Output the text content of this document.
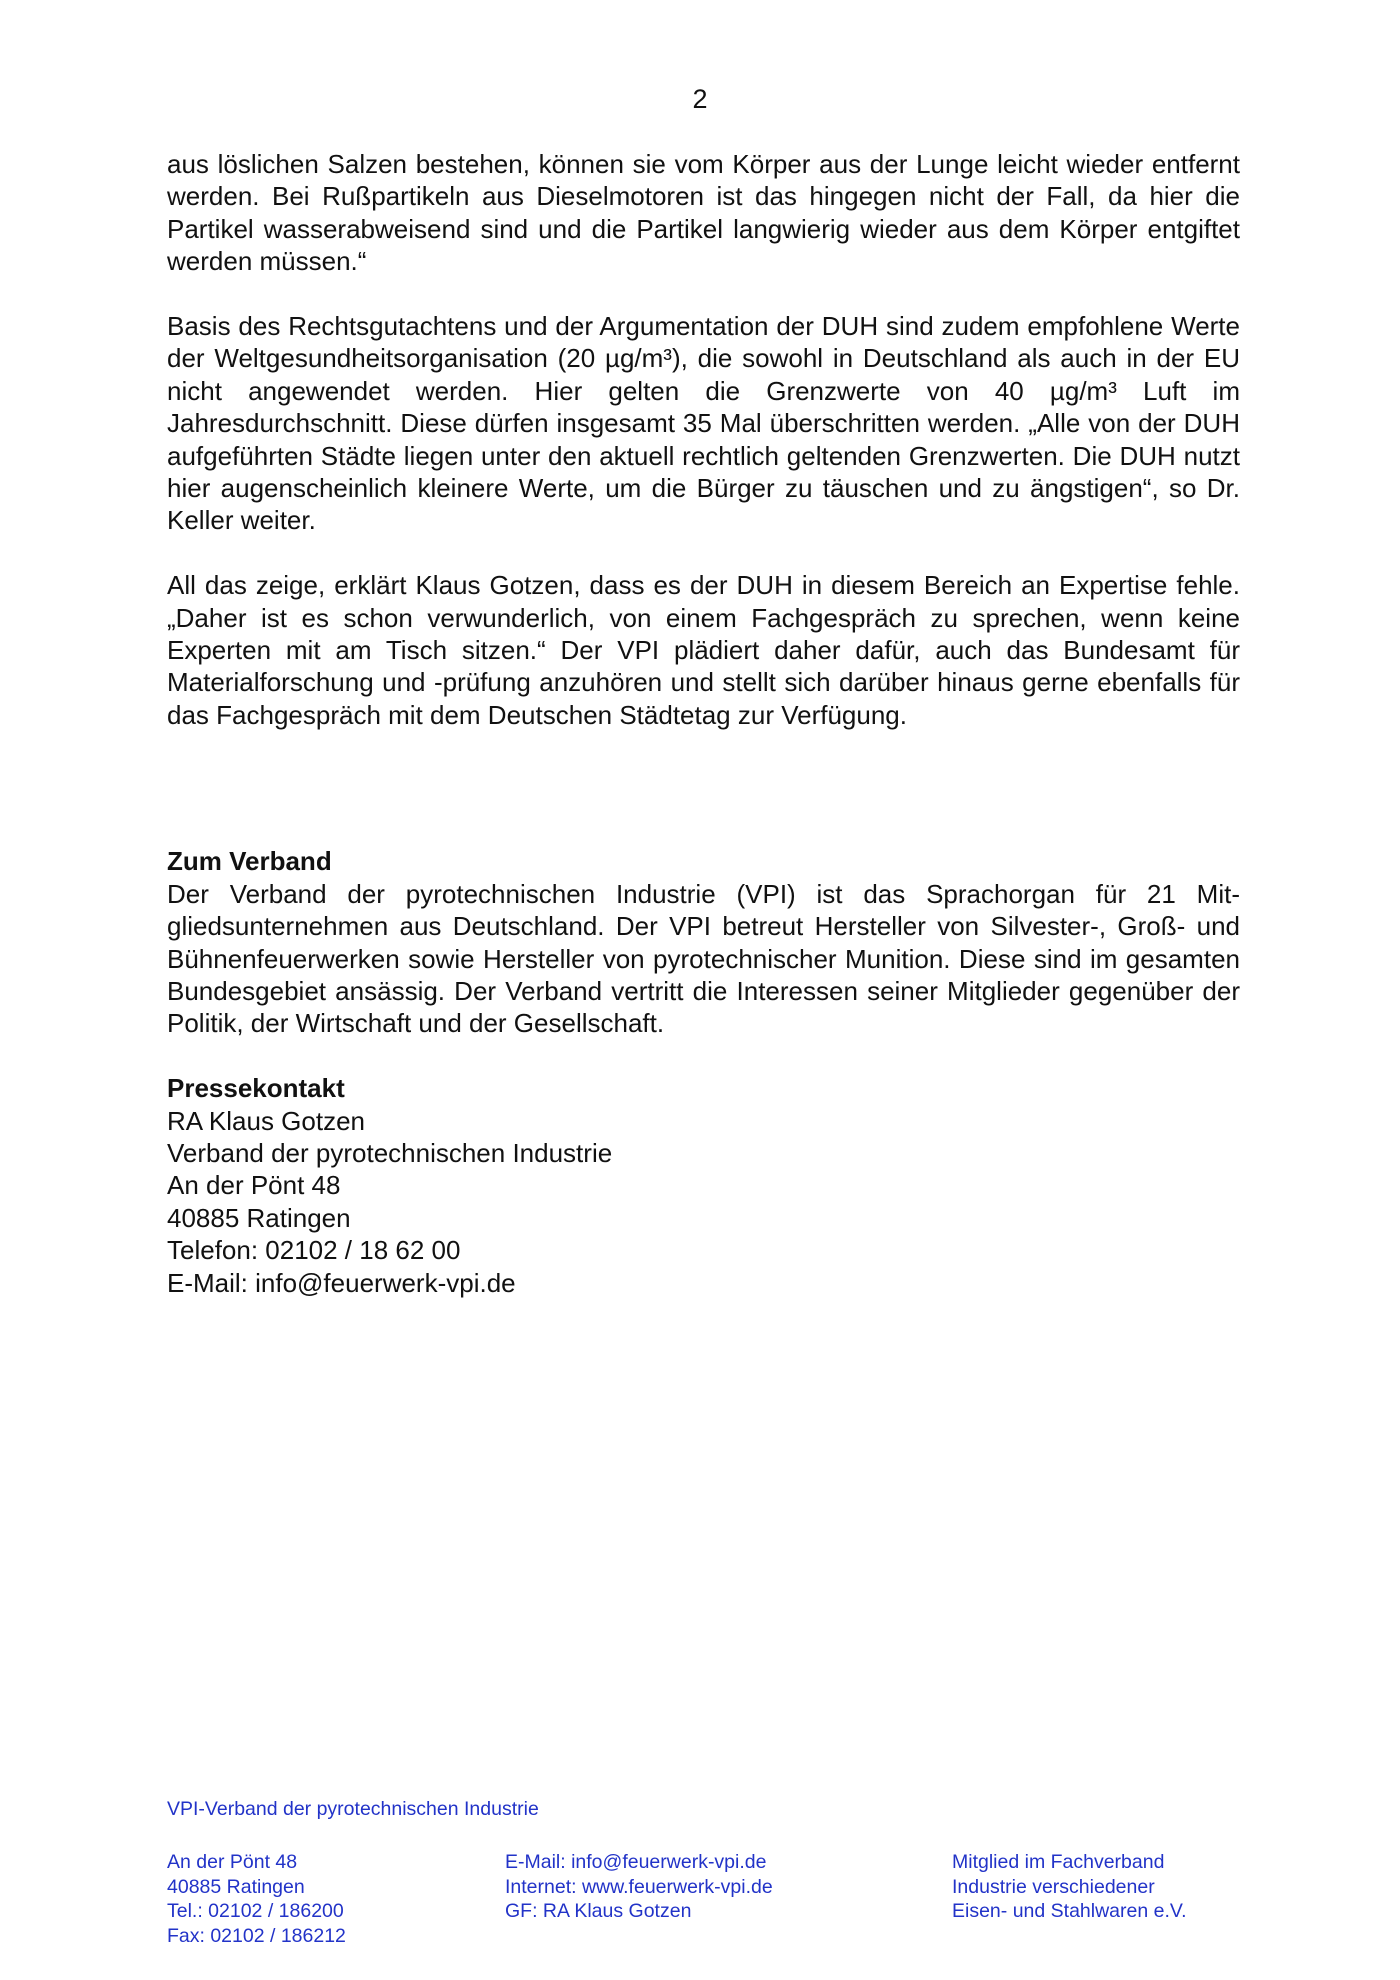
2

aus löslichen Salzen bestehen, können sie vom Körper aus der Lunge leicht wieder entfernt werden. Bei Rußpartikeln aus Dieselmotoren ist das hingegen nicht der Fall, da hier die Partikel wasserabweisend sind und die Partikel langwierig wieder aus dem Körper entgiftet werden müssen.“

Basis des Rechtsgutachtens und der Argumentation der DUH sind zudem empfohlene Werte der Weltgesundheitsorganisation (20 µg/m³), die sowohl in Deutschland als auch in der EU nicht angewendet werden. Hier gelten die Grenzwerte von 40 µg/m³ Luft im Jahresdurchschnitt. Diese dürfen insgesamt 35 Mal überschritten werden. „Alle von der DUH aufgeführten Städte liegen unter den aktuell rechtlich geltenden Grenzwerten. Die DUH nutzt hier augenscheinlich kleinere Werte, um die Bürger zu täuschen und zu ängstigen“, so Dr. Keller weiter.

All das zeige, erklärt Klaus Gotzen, dass es der DUH in diesem Bereich an Expertise fehle. „Daher ist es schon verwunderlich, von einem Fachgespräch zu sprechen, wenn keine Experten mit am Tisch sitzen.“ Der VPI plädiert daher dafür, auch das Bundesamt für Materialforschung und -prüfung anzuhören und stellt sich darüber hinaus gerne ebenfalls für das Fachgespräch mit dem Deutschen Städtetag zur Verfügung.

Zum Verband

Der Verband der pyrotechnischen Industrie (VPI) ist das Sprachorgan für 21 Mitgliedsunternehmen aus Deutschland. Der VPI betreut Hersteller von Silvester-, Groß- und Bühnenfeuerwerken sowie Hersteller von pyrotechnischer Munition. Diese sind im gesamten Bundesgebiet ansässig. Der Verband vertritt die Interessen seiner Mitglieder gegenüber der Politik, der Wirtschaft und der Gesellschaft.

Pressekontakt

RA Klaus Gotzen

Verband der pyrotechnischen Industrie

An der Pönt 48

40885 Ratingen

Telefon: 02102 / 18 62 00

E-Mail: info@feuerwerk-vpi.de

VPI-Verband der pyrotechnischen Industrie

An der Pönt 48

40885 Ratingen

Tel.: 02102 / 186200

Fax: 02102 / 186212

E-Mail: info@feuerwerk-vpi.de

Internet: www.feuerwerk-vpi.de

GF: RA Klaus Gotzen

Mitglied im Fachverband

Industrie verschiedener

Eisen- und Stahlwaren e.V.
